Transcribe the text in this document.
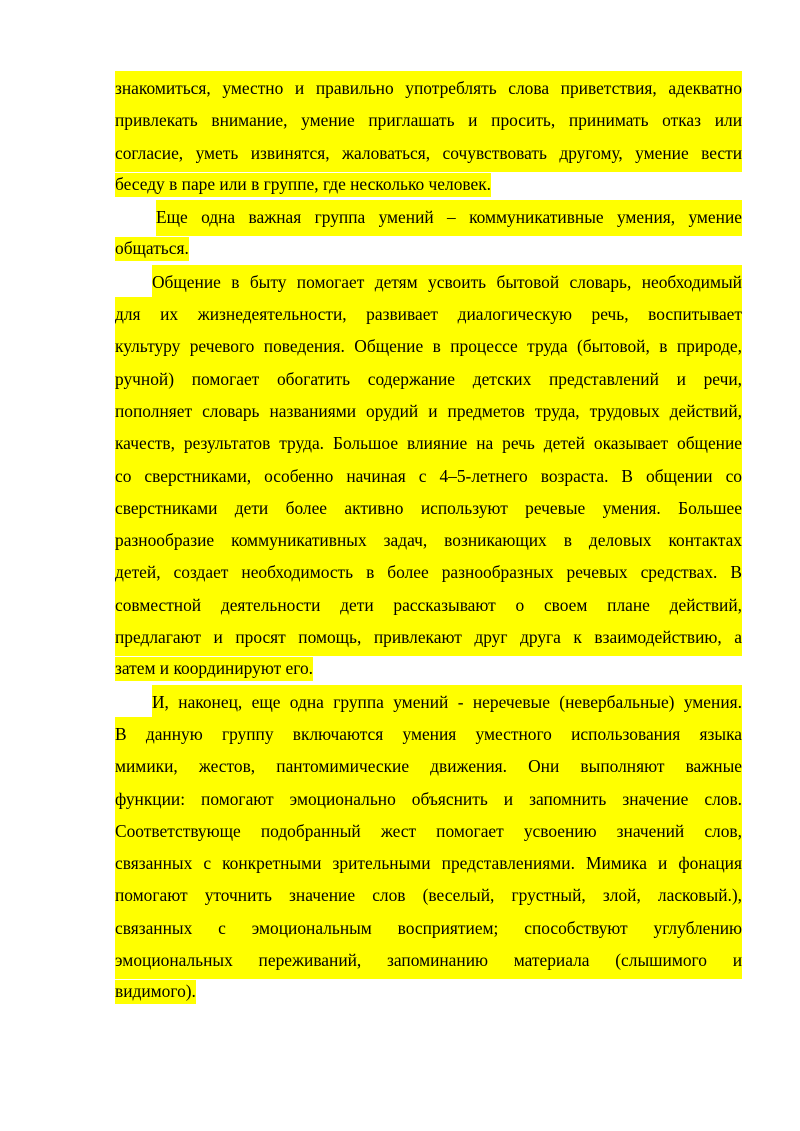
знакомиться, уместно и правильно употреблять слова приветствия, адекватно
привлекать внимание, умение приглашать и просить, принимать отказ или
согласие, уметь извинятся, жаловаться, сочувствовать другому, умение вести
беседу в паре или в группе, где несколько человек.
Еще одна важная группа умений – коммуникативные умения, умение
общаться.
Общение в быту помогает детям усвоить бытовой словарь, необходимый
для их жизнедеятельности, развивает диалогическую речь, воспитывает
культуру речевого поведения. Общение в процессе труда (бытовой, в природе,
ручной) помогает обогатить содержание детских представлений и речи,
пополняет словарь названиями орудий и предметов труда, трудовых действий,
качеств, результатов труда. Большое влияние на речь детей оказывает общение
со сверстниками, особенно начиная с 4–5-летнего возраста. В общении со
сверстниками дети более активно используют речевые умения. Большее
разнообразие коммуникативных задач, возникающих в деловых контактах
детей, создает необходимость в более разнообразных речевых средствах. В
совместной деятельности дети рассказывают о своем плане действий,
предлагают и просят помощь, привлекают друг друга к взаимодействию, а
затем и координируют его.
И, наконец, еще одна группа умений - неречевые (невербальные) умения.
В данную группу включаются умения уместного использования языка
мимики, жестов, пантомимические движения. Они выполняют важные
функции: помогают эмоционально объяснить и запомнить значение слов.
Соответствующе подобранный жест помогает усвоению значений слов,
связанных с конкретными зрительными представлениями. Мимика и фонация
помогают уточнить значение слов (веселый, грустный, злой, ласковый.),
связанных с эмоциональным восприятием; способствуют углублению
эмоциональных переживаний, запоминанию материала (слышимого и
видимого).
